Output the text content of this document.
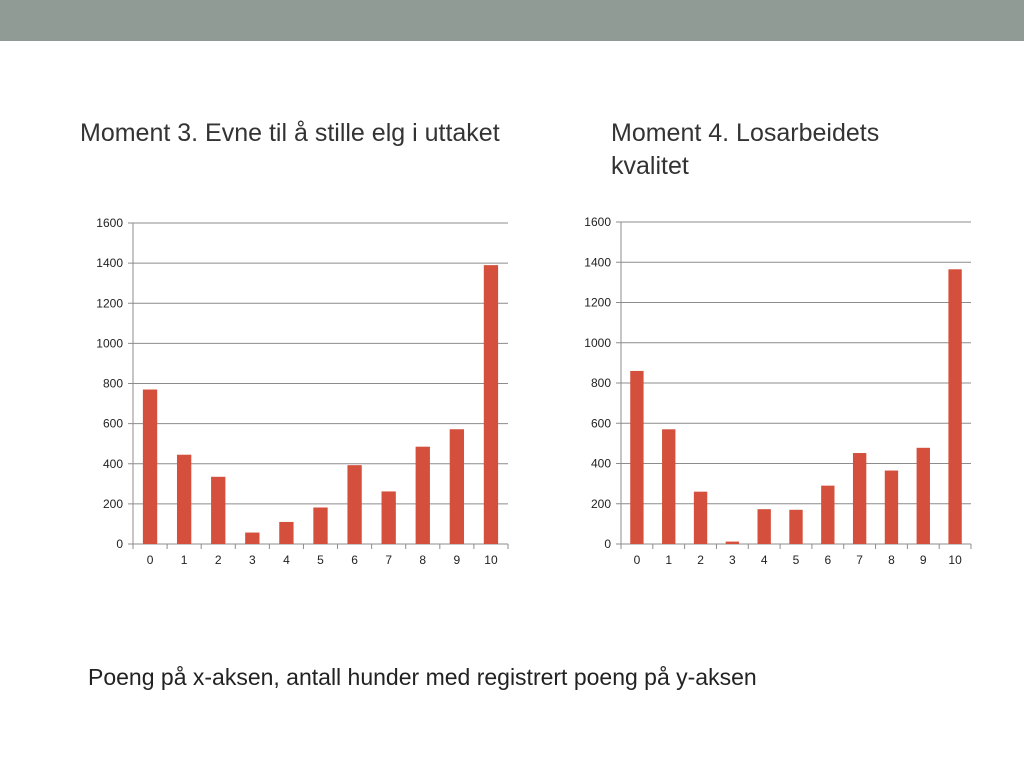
Moment 3. Evne til å stille elg i uttaket	Moment 4. Losarbeidets kvalitet
0
200
400
600
800
1000
1200
1400
1600
0 1 2 3 4 5 6 7 8 9 10
0
200
400
600
800
1000
1200
1400
1600
0 1 2 3 4 5 6 7 8 9 10
Poeng på x-aksen, antall hunder med registrert poeng på y-aksen
